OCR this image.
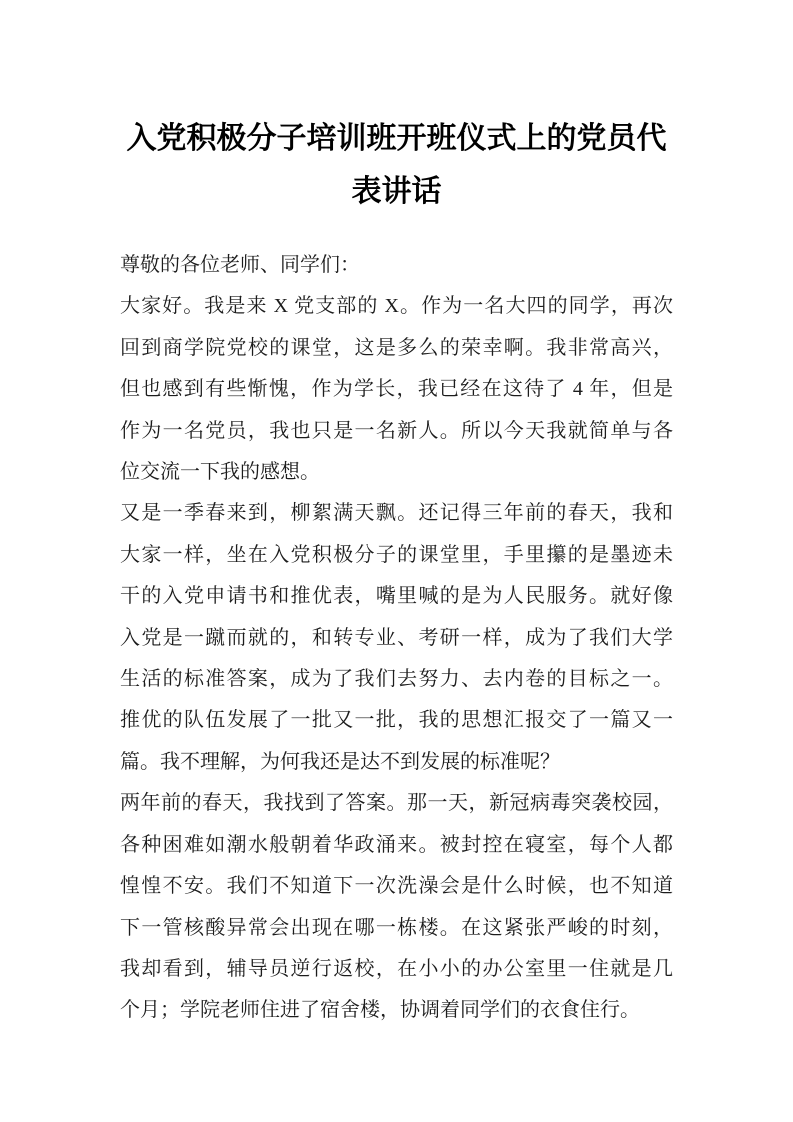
入党积极分子培训班开班仪式上的党员代表讲话
尊敬的各位老师、同学们：
大家好。我是来 X 党支部的 X。作为一名大四的同学，再次
回到商学院党校的课堂，这是多么的荣幸啊。我非常高兴，
但也感到有些惭愧，作为学长，我已经在这待了 4 年，但是
作为一名党员，我也只是一名新人。所以今天我就简单与各
位交流一下我的感想。
又是一季春来到，柳絮满天飘。还记得三年前的春天，我和
大家一样，坐在入党积极分子的课堂里，手里攥的是墨迹未
干的入党申请书和推优表，嘴里喊的是为人民服务。就好像
入党是一蹴而就的，和转专业、考研一样，成为了我们大学
生活的标准答案，成为了我们去努力、去内卷的目标之一。
推优的队伍发展了一批又一批，我的思想汇报交了一篇又一
篇。我不理解，为何我还是达不到发展的标准呢？
两年前的春天，我找到了答案。那一天，新冠病毒突袭校园，
各种困难如潮水般朝着华政涌来。被封控在寝室，每个人都
惶惶不安。我们不知道下一次洗澡会是什么时候，也不知道
下一管核酸异常会出现在哪一栋楼。在这紧张严峻的时刻，
我却看到，辅导员逆行返校，在小小的办公室里一住就是几
个月；学院老师住进了宿舍楼，协调着同学们的衣食住行。
